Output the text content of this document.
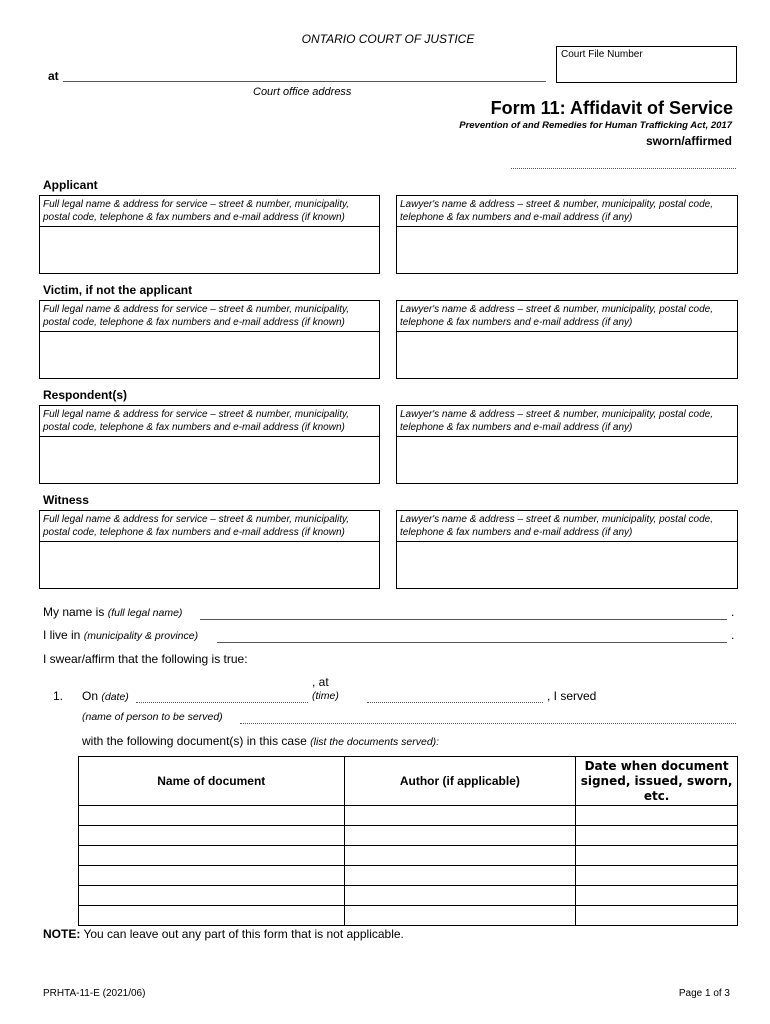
ONTARIO COURT OF JUSTICE
Court File Number
at
Court office address
Form 11: Affidavit of Service
Prevention of and Remedies for Human Trafficking Act, 2017
sworn/affirmed
Applicant
Full legal name & address for service – street & number, municipality, postal code, telephone & fax numbers and e-mail address (if known)
Lawyer's name & address – street & number, municipality, postal code, telephone & fax numbers and e-mail address (if any)
Victim, if not the applicant
Full legal name & address for service – street & number, municipality, postal code, telephone & fax numbers and e-mail address (if known)
Lawyer's name & address – street & number, municipality, postal code, telephone & fax numbers and e-mail address (if any)
Respondent(s)
Full legal name & address for service – street & number, municipality, postal code, telephone & fax numbers and e-mail address (if known)
Lawyer's name & address – street & number, municipality, postal code, telephone & fax numbers and e-mail address (if any)
Witness
Full legal name & address for service – street & number, municipality, postal code, telephone & fax numbers and e-mail address (if known)
Lawyer's name & address – street & number, municipality, postal code, telephone & fax numbers and e-mail address (if any)
My name is (full legal name)	.
I live in (municipality & province)	.
I swear/affirm that the following is true:
1. On (date)
, at
(time)	, I served
(name of person to be served)
with the following document(s) in this case (list the documents served):
Name of document	Author (if applicable)	Date when document signed, issued, sworn, etc.

NOTE: You can leave out any part of this form that is not applicable.
PRHTA-11-E (2021/06)	Page 1 of 3
